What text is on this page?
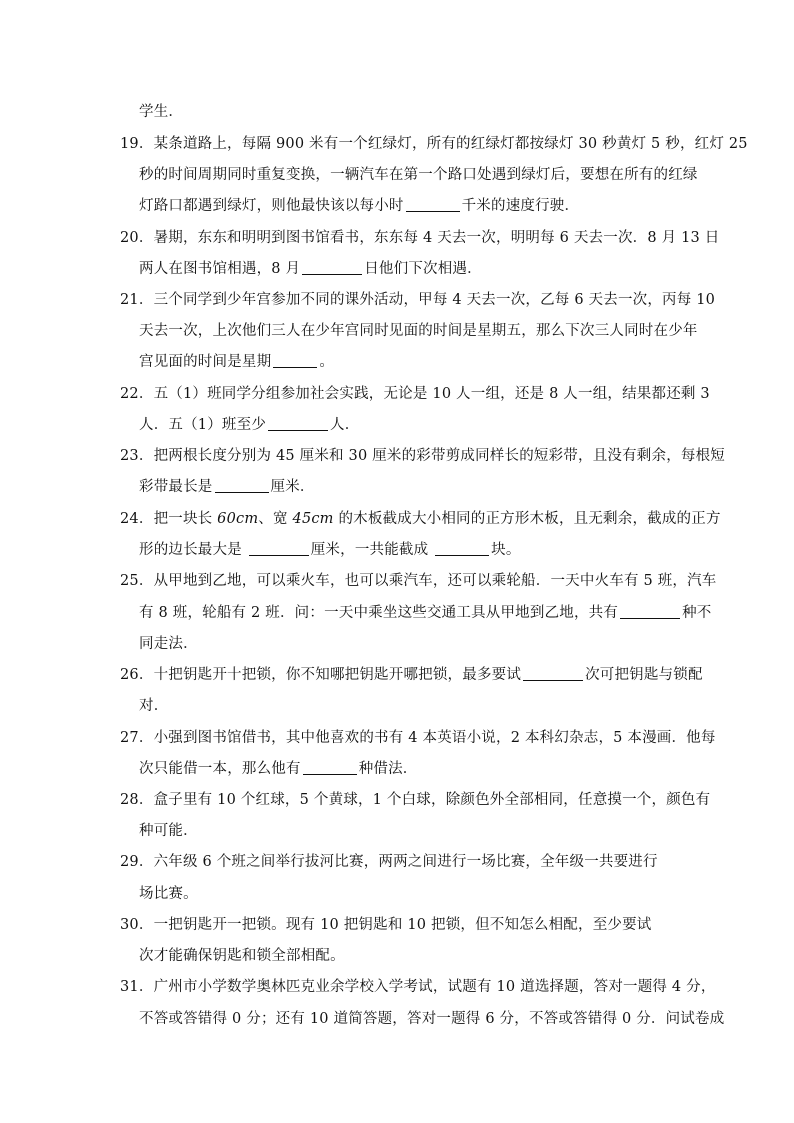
学生．
19．某条道路上，每隔 900 米有一个红绿灯，所有的红绿灯都按绿灯 30 秒黄灯 5 秒，红灯 25
秒的时间周期同时重复变换，一辆汽车在第一个路口处遇到绿灯后，要想在所有的红绿
灯路口都遇到绿灯，则他最快该以每小时	千米的速度行驶．
20．暑期，东东和明明到图书馆看书，东东每 4 天去一次，明明每 6 天去一次．8 月 13 日
两人在图书馆相遇，8 月	日他们下次相遇．
21．三个同学到少年宫参加不同的课外活动，甲每 4 天去一次，乙每 6 天去一次，丙每 10
天去一次，上次他们三人在少年宫同时见面的时间是星期五，那么下次三人同时在少年
宫见面的时间是星期	。
22．五（1）班同学分组参加社会实践，无论是 10 人一组，还是 8 人一组，结果都还剩 3
人．五（1）班至少	人．
23．把两根长度分别为 45 厘米和 30 厘米的彩带剪成同样长的短彩带，且没有剩余，每根短
彩带最长是	厘米．
24．把一块长 60cm、宽 45cm 的木板截成大小相同的正方形木板，且无剩余，截成的正方
形的边长最大是	厘米，一共能截成	块。
25．从甲地到乙地，可以乘火车，也可以乘汽车，还可以乘轮船．一天中火车有 5 班，汽车
有 8 班，轮船有 2 班．问：一天中乘坐这些交通工具从甲地到乙地，共有	种不
同走法．
26．十把钥匙开十把锁，你不知哪把钥匙开哪把锁，最多要试	次可把钥匙与锁配
对．
27．小强到图书馆借书，其中他喜欢的书有 4 本英语小说，2 本科幻杂志，5 本漫画．他每
次只能借一本，那么他有	种借法．
28．盒子里有 10 个红球，5 个黄球，1 个白球，除颜色外全部相同，任意摸一个，颜色有
种可能．
29．六年级 6 个班之间举行拔河比赛，两两之间进行一场比赛，全年级一共要进行
场比赛。
30．一把钥匙开一把锁。现有 10 把钥匙和 10 把锁，但不知怎么相配，至少要试
次才能确保钥匙和锁全部相配。
31．广州市小学数学奥林匹克业余学校入学考试，试题有 10 道选择题，答对一题得 4 分，
不答或答错得 0 分；还有 10 道简答题，答对一题得 6 分，不答或答错得 0 分．问试卷成
